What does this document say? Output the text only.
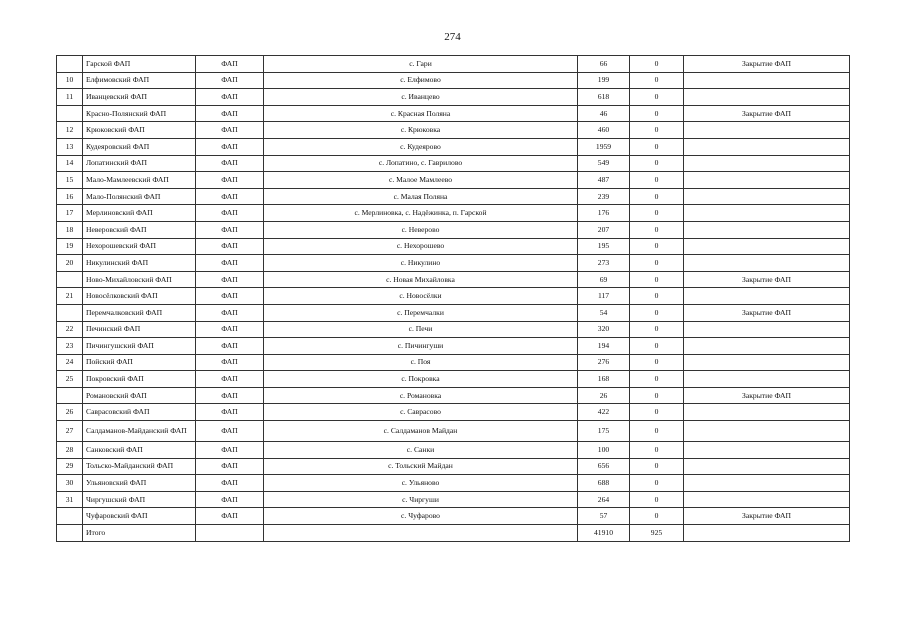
274
	Гарской ФАП	ФАП	с. Гари	66	0	Закрытие ФАП
10	Елфимовский ФАП	ФАП	с. Елфимово	199	0	
11	Иванцевский ФАП	ФАП	с. Иванцево	618	0	
	Красно-Полянский ФАП	ФАП	с. Красная Поляна	46	0	Закрытие ФАП
12	Крюковский ФАП	ФАП	с. Крюковка	460	0	
13	Кудеяровский ФАП	ФАП	с. Кудеярово	1959	0	
14	Лопатинский ФАП	ФАП	с. Лопатино, с. Гаврилово	549	0	
15	Мало-Мамлеевский ФАП	ФАП	с. Малое Мамлеево	487	0	
16	Мало-Полянский ФАП	ФАП	с. Малая Поляна	239	0	
17	Мерлиновский ФАП	ФАП	с. Мерлиновка, с. Надёжинка, п. Гарской	176	0	
18	Неверовский ФАП	ФАП	с. Неверово	207	0	
19	Нехорошевский ФАП	ФАП	с. Нехорошево	195	0	
20	Никулинский ФАП	ФАП	с. Никулино	273	0	
	Ново-Михайловский ФАП	ФАП	с. Новая Михайловка	69	0	Закрытие ФАП
21	Новосёлковский ФАП	ФАП	с. Новосёлки	117	0	
	Перемчалковский ФАП	ФАП	с. Перемчалки	54	0	Закрытие ФАП
22	Печинский ФАП	ФАП	с. Печи	320	0	
23	Пичингушский ФАП	ФАП	с. Пичингуши	194	0	
24	Пойский ФАП	ФАП	с. Поя	276	0	
25	Покровский ФАП	ФАП	с. Покровка	168	0	
	Романовский ФАП	ФАП	с. Романовка	26	0	Закрытие ФАП
26	Саврасовский ФАП	ФАП	с. Саврасово	422	0	
27	Салдаманов-Майданский ФАП	ФАП	с. Салдаманов Майдан	175	0	
28	Санковский ФАП	ФАП	с. Санки	100	0	
29	Тольско-Майданский ФАП	ФАП	с. Тольский Майдан	656	0	
30	Ульяновский ФАП	ФАП	с. Ульяново	688	0	
31	Чиргушский ФАП	ФАП	с. Чиргуши	264	0	
	Чуфаровский ФАП	ФАП	с. Чуфарово	57	0	Закрытие ФАП
	Итого			41910	925	
